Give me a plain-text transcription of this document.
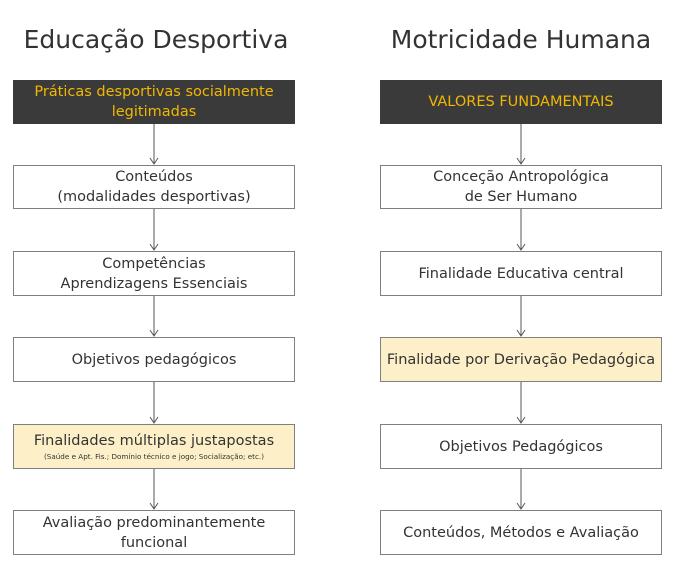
Educação Desportiva	Motricidade Humana
Práticas desportivas socialmente
legitimadas
Conteúdos
(modalidades desportivas)
Competências
Aprendizagens Essenciais
Objetivos pedagógicos
Finalidades múltiplas justapostas
(Saúde e Apt. Fis.; Domínio técnico e jogo; Socialização; etc.)
Avaliação predominantemente
funcional
VALORES FUNDAMENTAIS
Conceção Antropológica
de Ser Humano
Finalidade Educativa central
Finalidade por Derivação Pedagógica
Objetivos Pedagógicos
Conteúdos, Métodos e Avaliação
